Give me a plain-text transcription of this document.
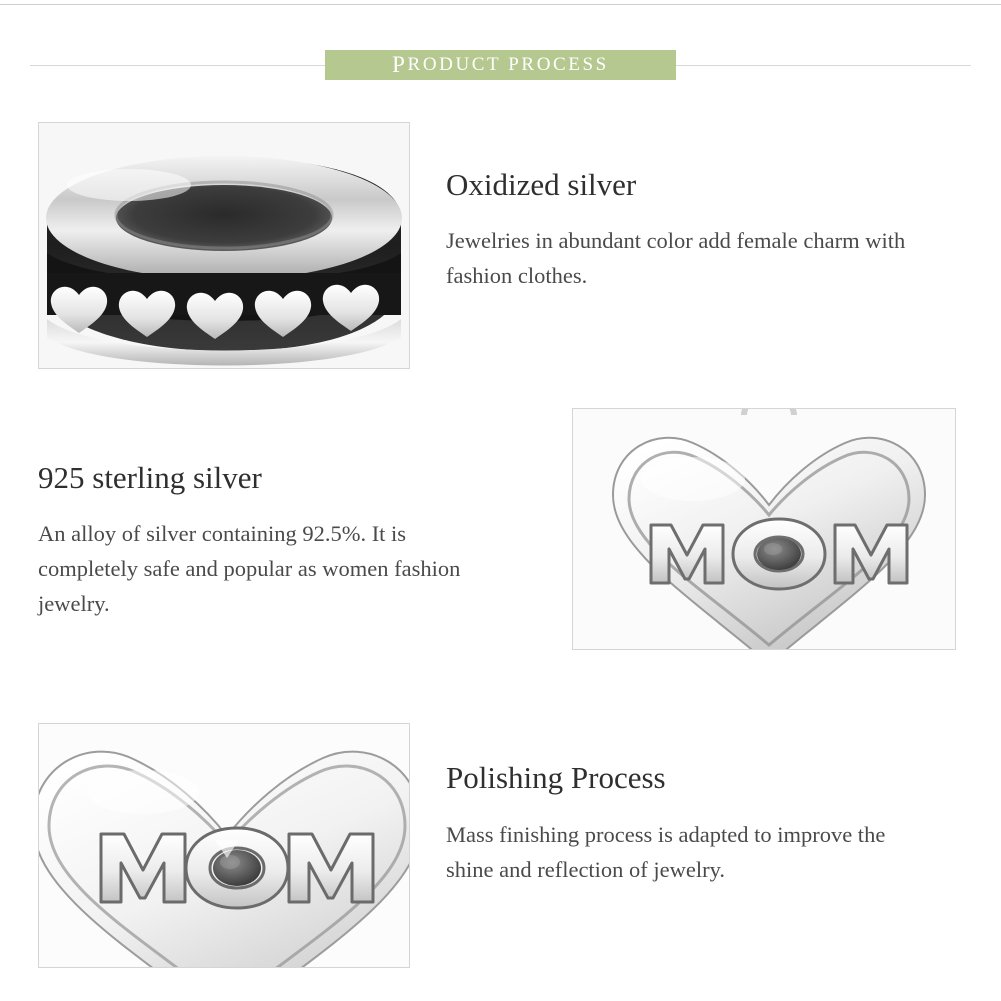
P RODUCT PROCESS
Oxidized silver
Jewelries in abundant color add female charm with fashion clothes.
925 sterling silver
An alloy of silver containing 92.5%. It is completely safe and popular as women fashion jewelry.
Polishing Process
Mass finishing process is adapted to improve the shine and reflection of jewelry.
